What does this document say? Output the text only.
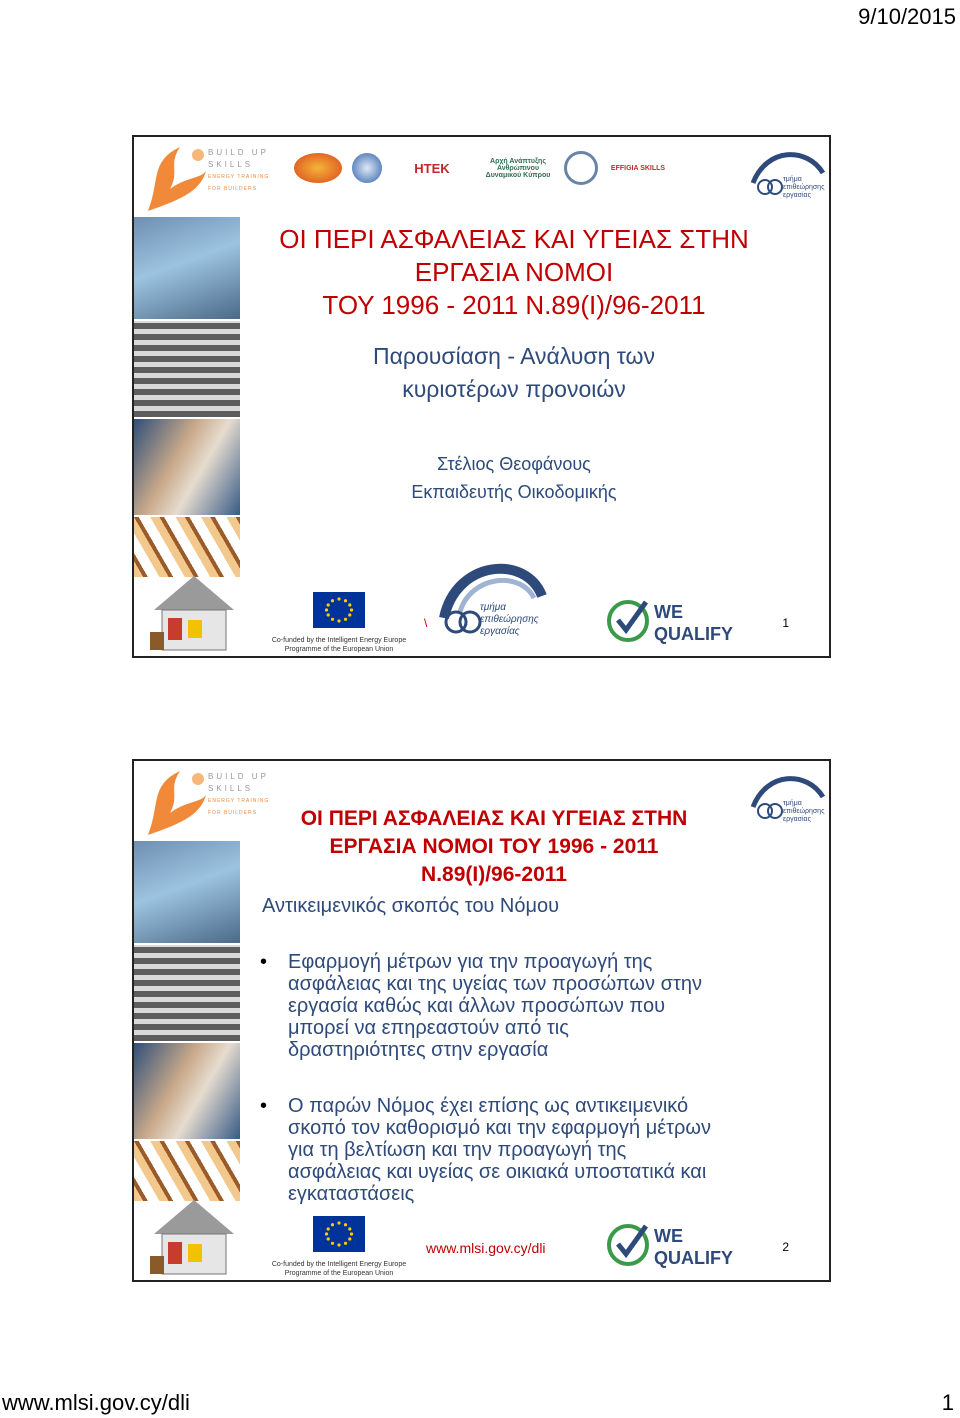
9/10/2015
BUILD UP
SKILLS
ENERGY TRAINING
FOR BUILDERS
ΗΤΕΚ	Αρχή Ανάπτυξης Ανθρώπινου Δυναμικού Κύπρου
EFFIGIA SKILLS
τμήμα
επιθεώρησης
εργασίας
ΟΙ ΠΕΡΙ ΑΣΦΑΛΕΙΑΣ ΚΑΙ ΥΓΕΙΑΣ ΣΤΗΝ
ΕΡΓΑΣΙΑ ΝΟΜΟΙ
ΤΟΥ 1996 - 2011 Ν.89(Ι)/96-2011
Παρουσίαση - Ανάλυση των
κυριοτέρων προνοιών
Στέλιος Θεοφάνους
Εκπαιδευτής Οικοδομικής
Co-funded by the Intelligent Energy Europe
Programme of the European Union
\
τμήμα
επιθεώρησης
εργασίας
WE
QUALIFY
1
BUILD UP
SKILLS
ENERGY TRAINING
FOR BUILDERS
τμήμα
επιθεώρησης
εργασίας
ΟΙ ΠΕΡΙ ΑΣΦΑΛΕΙΑΣ ΚΑΙ ΥΓΕΙΑΣ ΣΤΗΝ
ΕΡΓΑΣΙΑ ΝΟΜΟΙ ΤΟΥ 1996 - 2011
Ν.89(Ι)/96-2011
Αντικειμενικός σκοπός του Νόμου
• Εφαρμογή μέτρων για την προαγωγή της
ασφάλειας και της υγείας των προσώπων στην
εργασία καθώς και άλλων προσώπων που
μπορεί να επηρεαστούν από τις
δραστηριότητες στην εργασία
• Ο παρών Νόμος έχει επίσης ως αντικειμενικό
σκοπό τον καθορισμό και την εφαρμογή μέτρων
για τη βελτίωση και την προαγωγή της
ασφάλειας και υγείας σε οικιακά υποστατικά και
εγκαταστάσεις
Co-funded by the Intelligent Energy Europe
Programme of the European Union
www.mlsi.gov.cy/dli
WE
QUALIFY
2
www.mlsi.gov.cy/dli	1
